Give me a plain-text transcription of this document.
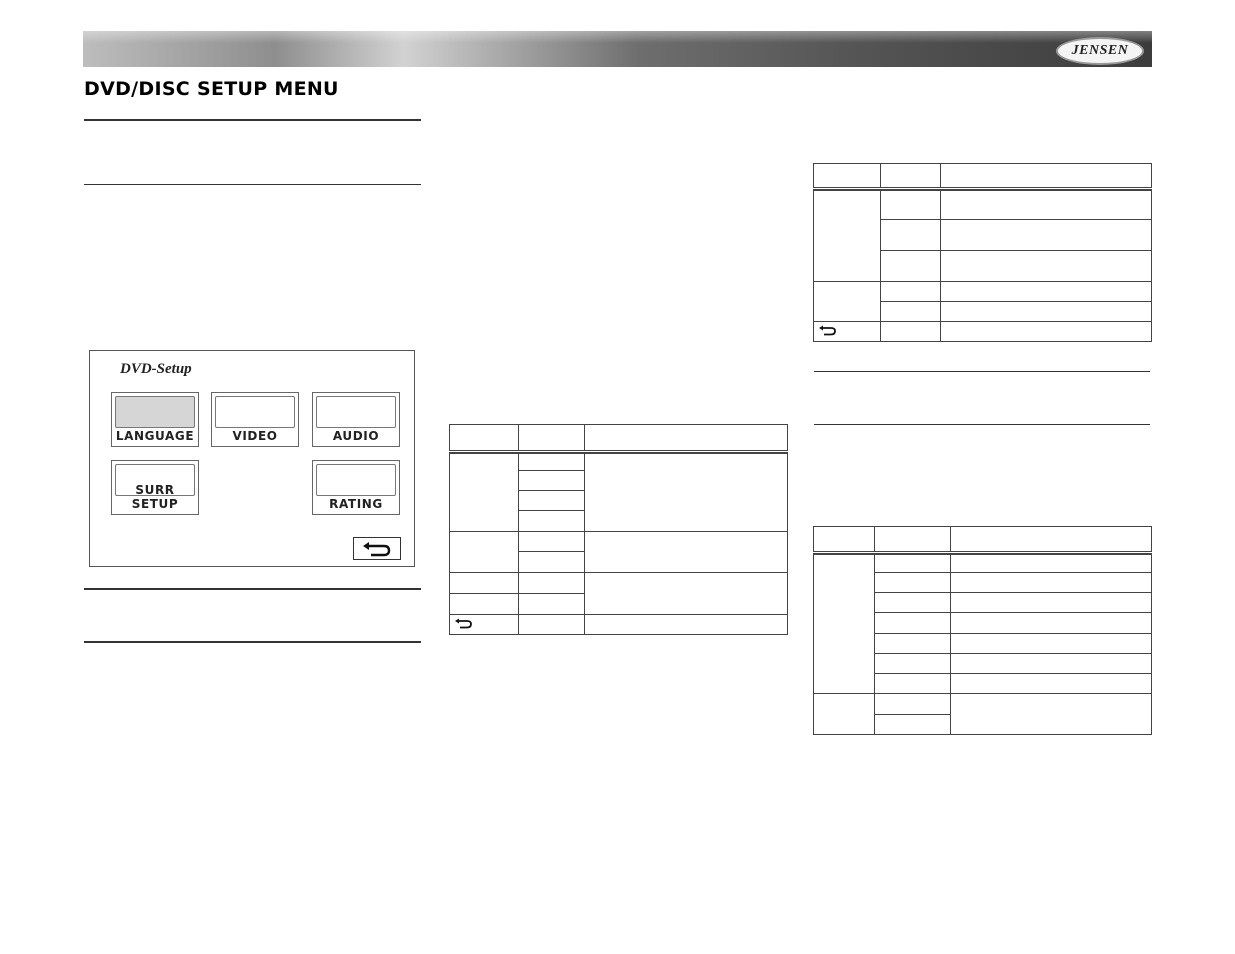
JENSEN
DVD/DISC SETUP MENU
DVD-Setup
LANGUAGE	VIDEO	AUDIO
SURR SETUP	RATING
